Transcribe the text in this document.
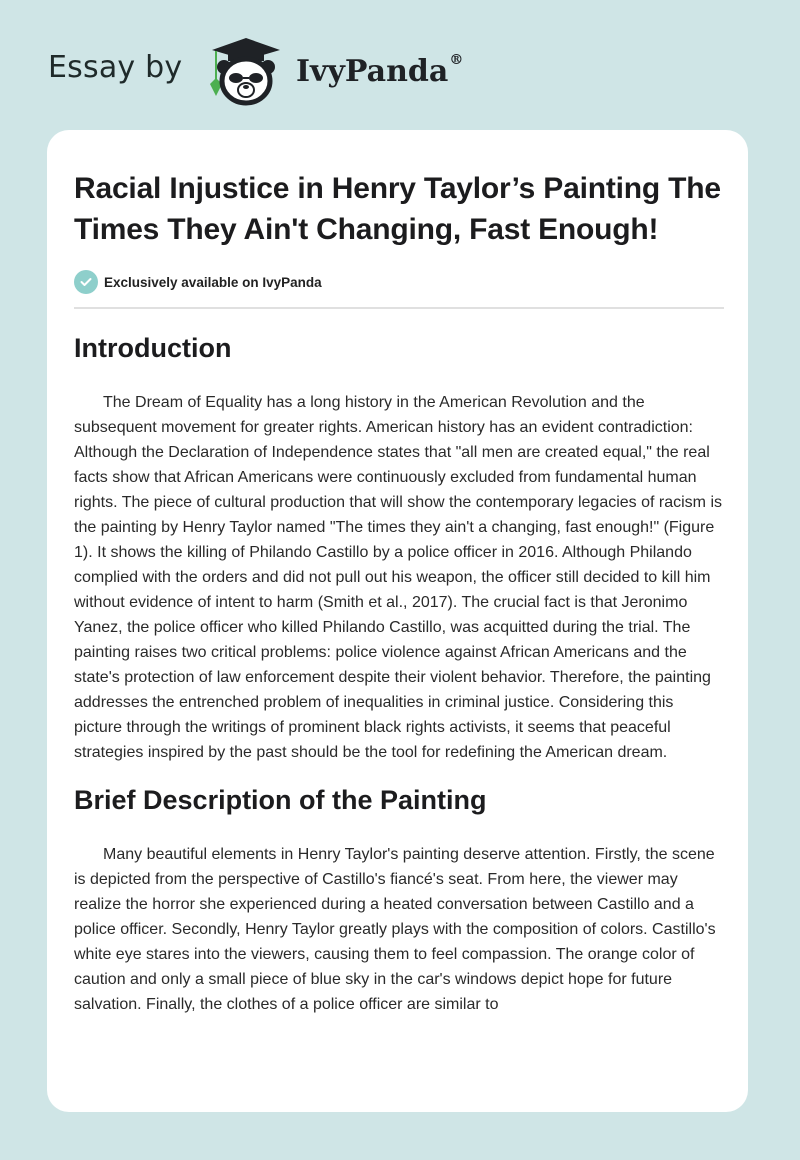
Essay by	IvyPanda®
Racial Injustice in Henry Taylor’s Painting The Times They Ain't Changing, Fast Enough!
Exclusively available on IvyPanda
Introduction

The Dream of Equality has a long history in the American Revolution and the subsequent movement for greater rights. American history has an evident contradiction: Although the Declaration of Independence states that "all men are created equal," the real facts show that African Americans were continuously excluded from fundamental human rights. The piece of cultural production that will show the contemporary legacies of racism is the painting by Henry Taylor named "The times they ain't a changing, fast enough!" (Figure 1). It shows the killing of Philando Castillo by a police officer in 2016. Although Philando complied with the orders and did not pull out his weapon, the officer still decided to kill him without evidence of intent to harm (Smith et al., 2017). The crucial fact is that Jeronimo Yanez, the police officer who killed Philando Castillo, was acquitted during the trial. The painting raises two critical problems: police violence against African Americans and the state's protection of law enforcement despite their violent behavior. Therefore, the painting addresses the entrenched problem of inequalities in criminal justice. Considering this picture through the writings of prominent black rights activists, it seems that peaceful strategies inspired by the past should be the tool for redefining the American dream.

Brief Description of the Painting

Many beautiful elements in Henry Taylor's painting deserve attention. Firstly, the scene is depicted from the perspective of Castillo's fiancé's seat. From here, the viewer may realize the horror she experienced during a heated conversation between Castillo and a police officer. Secondly, Henry Taylor greatly plays with the composition of colors. Castillo's white eye stares into the viewers, causing them to feel compassion. The orange color of caution and only a small piece of blue sky in the car's windows depict hope for future salvation. Finally, the clothes of a police officer are similar to
